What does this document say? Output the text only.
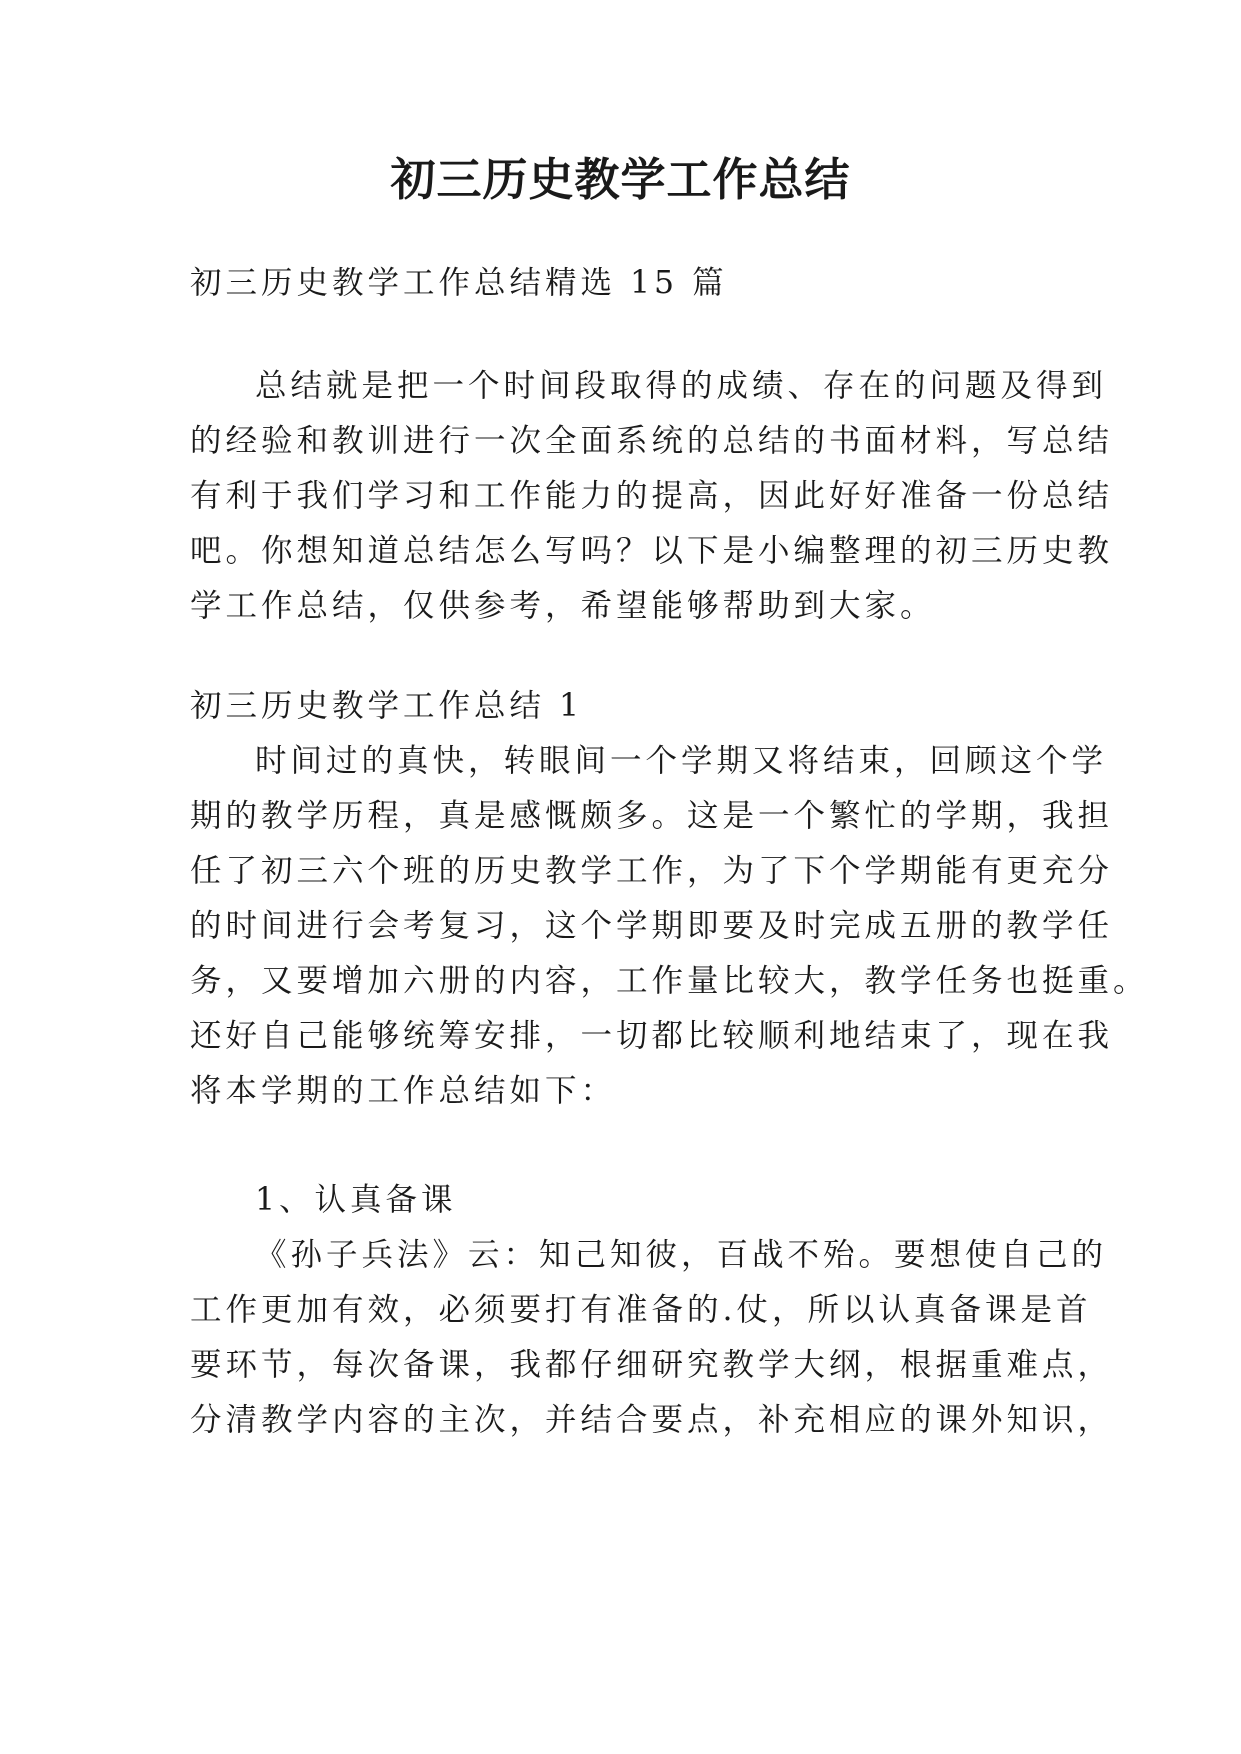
初三历史教学工作总结
初三历史教学工作总结精选 15 篇
总结就是把一个时间段取得的成绩、存在的问题及得到
的经验和教训进行一次全面系统的总结的书面材料，写总结
有利于我们学习和工作能力的提高，因此好好准备一份总结
吧。你想知道总结怎么写吗？以下是小编整理的初三历史教
学工作总结，仅供参考，希望能够帮助到大家。
初三历史教学工作总结 1
时间过的真快，转眼间一个学期又将结束，回顾这个学
期的教学历程，真是感慨颇多。这是一个繁忙的学期，我担
任了初三六个班的历史教学工作，为了下个学期能有更充分
的时间进行会考复习，这个学期即要及时完成五册的教学任
务，又要增加六册的内容，工作量比较大，教学任务也挺重。
还好自己能够统筹安排，一切都比较顺利地结束了，现在我
将本学期的工作总结如下：
1、认真备课
《孙子兵法》云：知己知彼，百战不殆。要想使自己的
工作更加有效，必须要打有准备的.仗，所以认真备课是首
要环节，每次备课，我都仔细研究教学大纲，根据重难点，
分清教学内容的主次，并结合要点，补充相应的课外知识，
